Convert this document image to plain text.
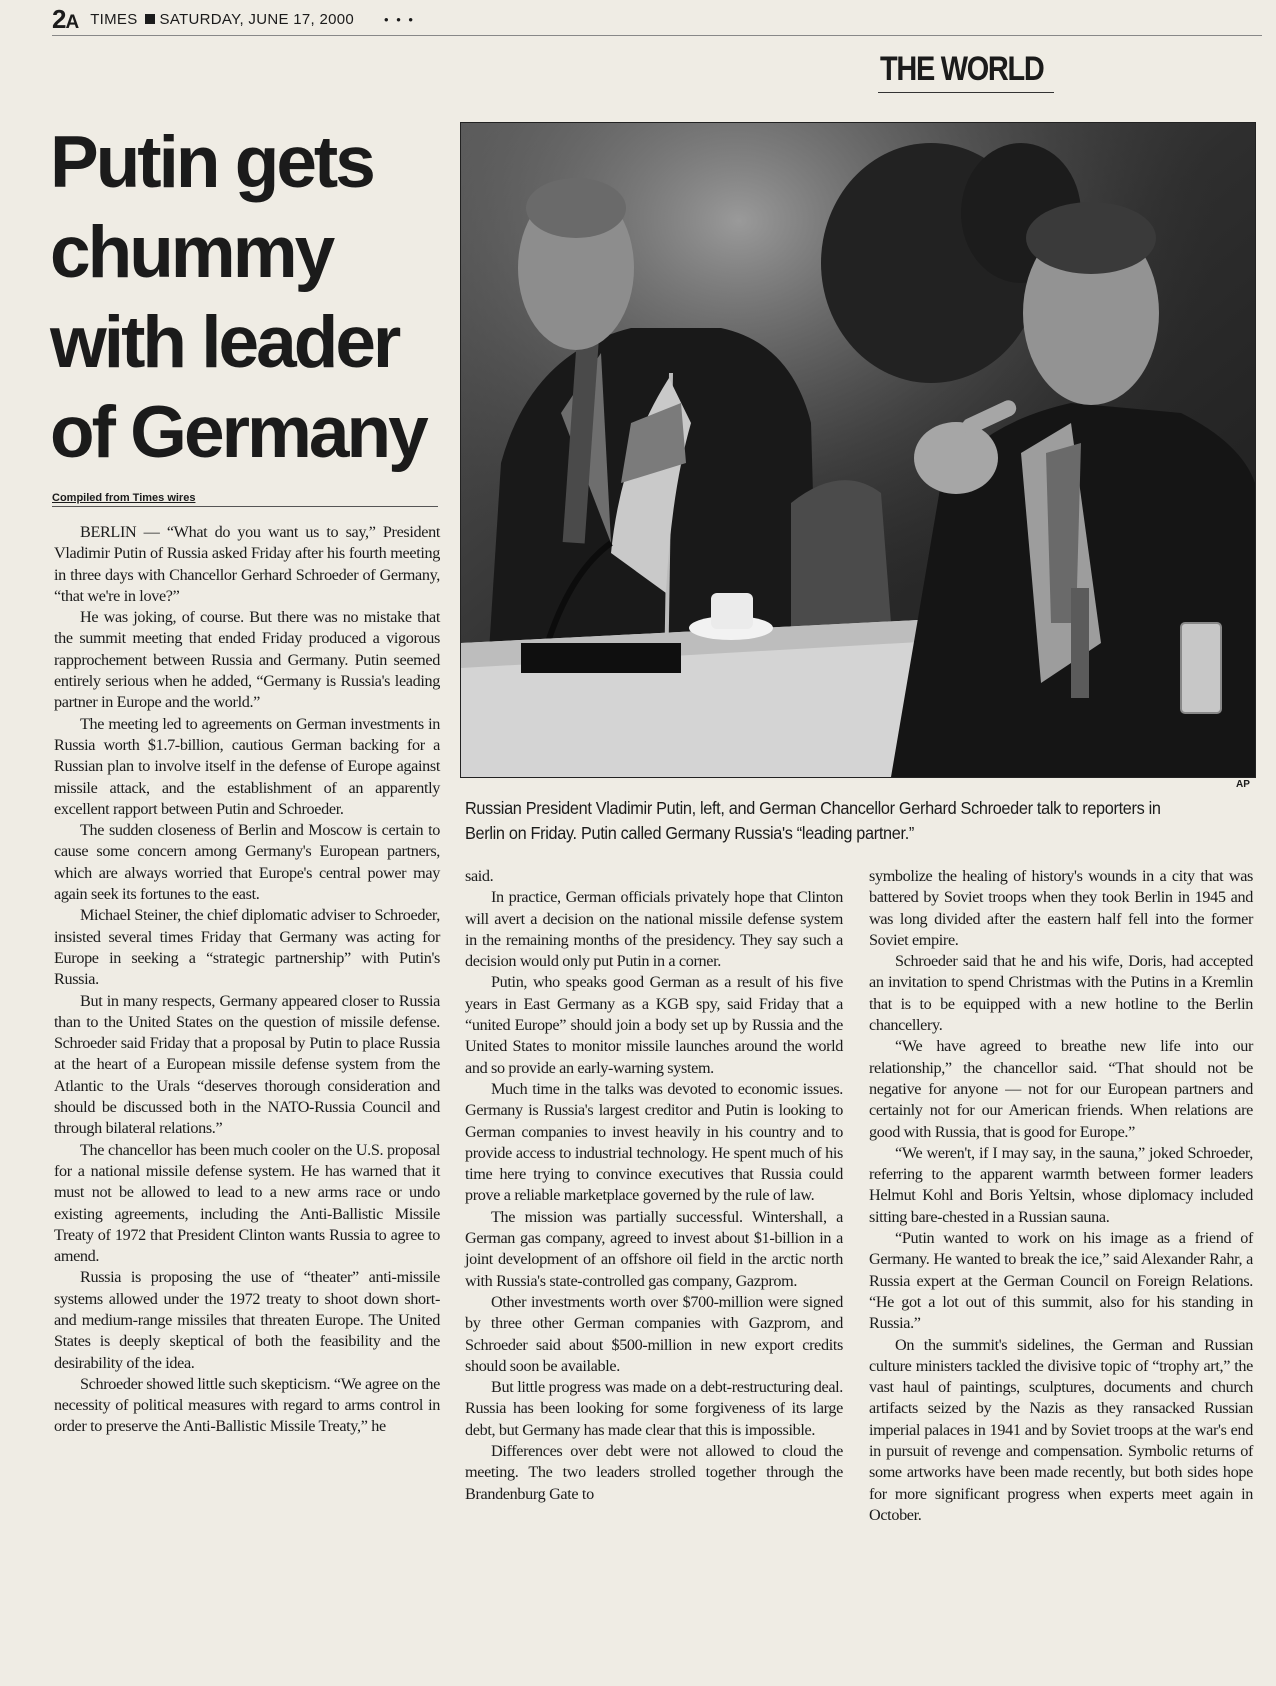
2A TIMES SATURDAY, JUNE 17, 2000 • • •
THE WORLD
Putin gets chummy with leader of Germany
Compiled from Times wires
AP
Russian President Vladimir Putin, left, and German Chancellor Gerhard Schroeder talk to reporters in Berlin on Friday. Putin called Germany Russia's “leading partner.”

BERLIN — “What do you want us to say,” President Vladimir Putin of Russia asked Friday after his fourth meeting in three days with Chancellor Gerhard Schroeder of Germany, “that we're in love?”

He was joking, of course. But there was no mistake that the summit meeting that ended Friday produced a vigorous rapprochement between Russia and Germany. Putin seemed entirely serious when he added, “Germany is Russia's leading partner in Europe and the world.”

The meeting led to agreements on German investments in Russia worth $1.7-billion, cautious German backing for a Russian plan to involve itself in the defense of Europe against missile attack, and the establishment of an apparently excellent rapport between Putin and Schroeder.

The sudden closeness of Berlin and Moscow is certain to cause some concern among Germany's European partners, which are always worried that Europe's central power may again seek its fortunes to the east.

Michael Steiner, the chief diplomatic adviser to Schroeder, insisted several times Friday that Germany was acting for Europe in seeking a “strategic partnership” with Putin's Russia.

But in many respects, Germany appeared closer to Russia than to the United States on the question of missile defense. Schroeder said Friday that a proposal by Putin to place Russia at the heart of a European missile defense system from the Atlantic to the Urals “deserves thorough consideration and should be discussed both in the NATO-Russia Council and through bilateral relations.”

The chancellor has been much cooler on the U.S. proposal for a national missile defense system. He has warned that it must not be allowed to lead to a new arms race or undo existing agreements, including the Anti-Ballistic Missile Treaty of 1972 that President Clinton wants Russia to agree to amend.

Russia is proposing the use of “theater” anti-missile systems allowed under the 1972 treaty to shoot down short- and medium-range missiles that threaten Europe. The United States is deeply skeptical of both the feasibility and the desirability of the idea.

Schroeder showed little such skepticism. “We agree on the necessity of political measures with regard to arms control in order to preserve the Anti-Ballistic Missile Treaty,” he

said.

In practice, German officials privately hope that Clinton will avert a decision on the national missile defense system in the remaining months of the presidency. They say such a decision would only put Putin in a corner.

Putin, who speaks good German as a result of his five years in East Germany as a KGB spy, said Friday that a “united Europe” should join a body set up by Russia and the United States to monitor missile launches around the world and so provide an early-warning system.

Much time in the talks was devoted to economic issues. Germany is Russia's largest creditor and Putin is looking to German companies to invest heavily in his country and to provide access to industrial technology. He spent much of his time here trying to convince executives that Russia could prove a reliable marketplace governed by the rule of law.

The mission was partially successful. Wintershall, a German gas company, agreed to invest about $1-billion in a joint development of an offshore oil field in the arctic north with Russia's state-controlled gas company, Gazprom.

Other investments worth over $700-million were signed by three other German companies with Gazprom, and Schroeder said about $500-million in new export credits should soon be available.

But little progress was made on a debt-restructuring deal. Russia has been looking for some forgiveness of its large debt, but Germany has made clear that this is impossible.

Differences over debt were not allowed to cloud the meeting. The two leaders strolled together through the Brandenburg Gate to

symbolize the healing of history's wounds in a city that was battered by Soviet troops when they took Berlin in 1945 and was long divided after the eastern half fell into the former Soviet empire.

Schroeder said that he and his wife, Doris, had accepted an invitation to spend Christmas with the Putins in a Kremlin that is to be equipped with a new hotline to the Berlin chancellery.

“We have agreed to breathe new life into our relationship,” the chancellor said. “That should not be negative for anyone — not for our European partners and certainly not for our American friends. When relations are good with Russia, that is good for Europe.”

“We weren't, if I may say, in the sauna,” joked Schroeder, referring to the apparent warmth between former leaders Helmut Kohl and Boris Yeltsin, whose diplomacy included sitting bare-chested in a Russian sauna.

“Putin wanted to work on his image as a friend of Germany. He wanted to break the ice,” said Alexander Rahr, a Russia expert at the German Council on Foreign Relations. “He got a lot out of this summit, also for his standing in Russia.”

On the summit's sidelines, the German and Russian culture ministers tackled the divisive topic of “trophy art,” the vast haul of paintings, sculptures, documents and church artifacts seized by the Nazis as they ransacked Russian imperial palaces in 1941 and by Soviet troops at the war's end in pursuit of revenge and compensation. Symbolic returns of some artworks have been made recently, but both sides hope for more significant progress when experts meet again in October.
